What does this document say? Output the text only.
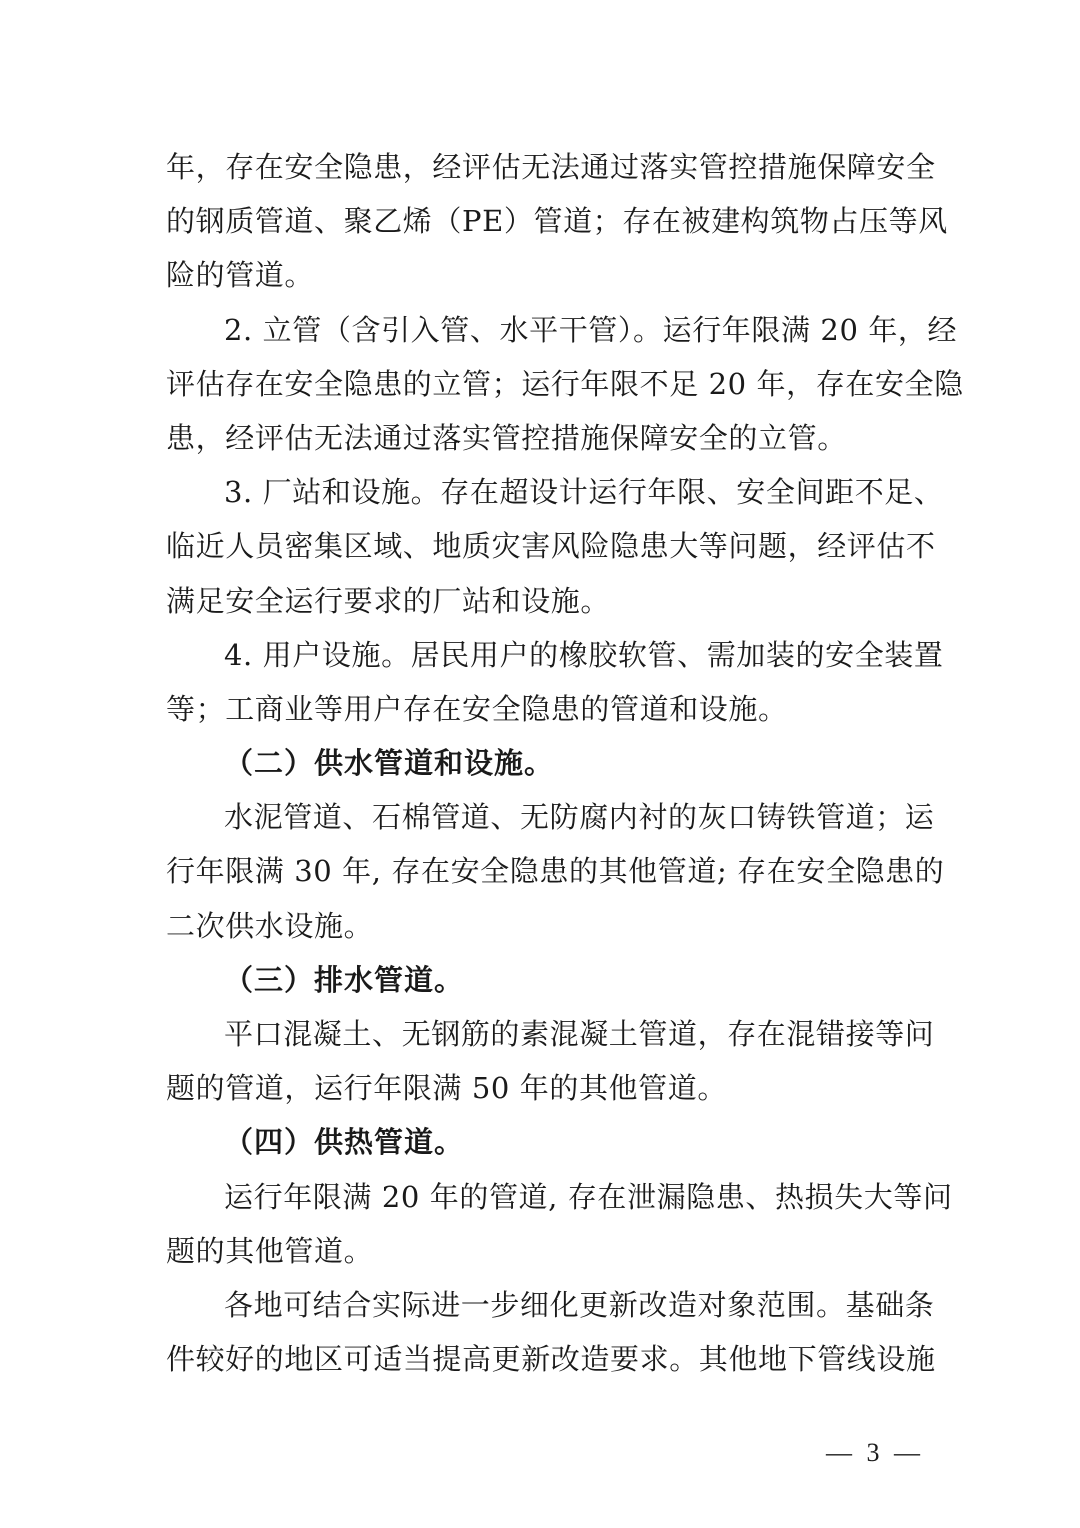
年，存在安全隐患，经评估无法通过落实管控措施保障安全
的钢质管道、聚乙烯（PE）管道；存在被建构筑物占压等风
险的管道。
2. 立管（含引入管、水平干管）。运行年限满 20 年，经
评估存在安全隐患的立管；运行年限不足 20 年，存在安全隐
患，经评估无法通过落实管控措施保障安全的立管。
3. 厂站和设施。存在超设计运行年限、安全间距不足、
临近人员密集区域、地质灾害风险隐患大等问题，经评估不
满足安全运行要求的厂站和设施。
4. 用户设施。居民用户的橡胶软管、需加装的安全装置
等；工商业等用户存在安全隐患的管道和设施。
（二）供水管道和设施。
水泥管道、石棉管道、无防腐内衬的灰口铸铁管道；运
行年限满 30 年, 存在安全隐患的其他管道; 存在安全隐患的
二次供水设施。
（三）排水管道。
平口混凝土、无钢筋的素混凝土管道，存在混错接等问
题的管道，运行年限满 50 年的其他管道。
（四）供热管道。
运行年限满 20 年的管道, 存在泄漏隐患、热损失大等问
题的其他管道。
各地可结合实际进一步细化更新改造对象范围。基础条
件较好的地区可适当提高更新改造要求。其他地下管线设施
— 3 —
